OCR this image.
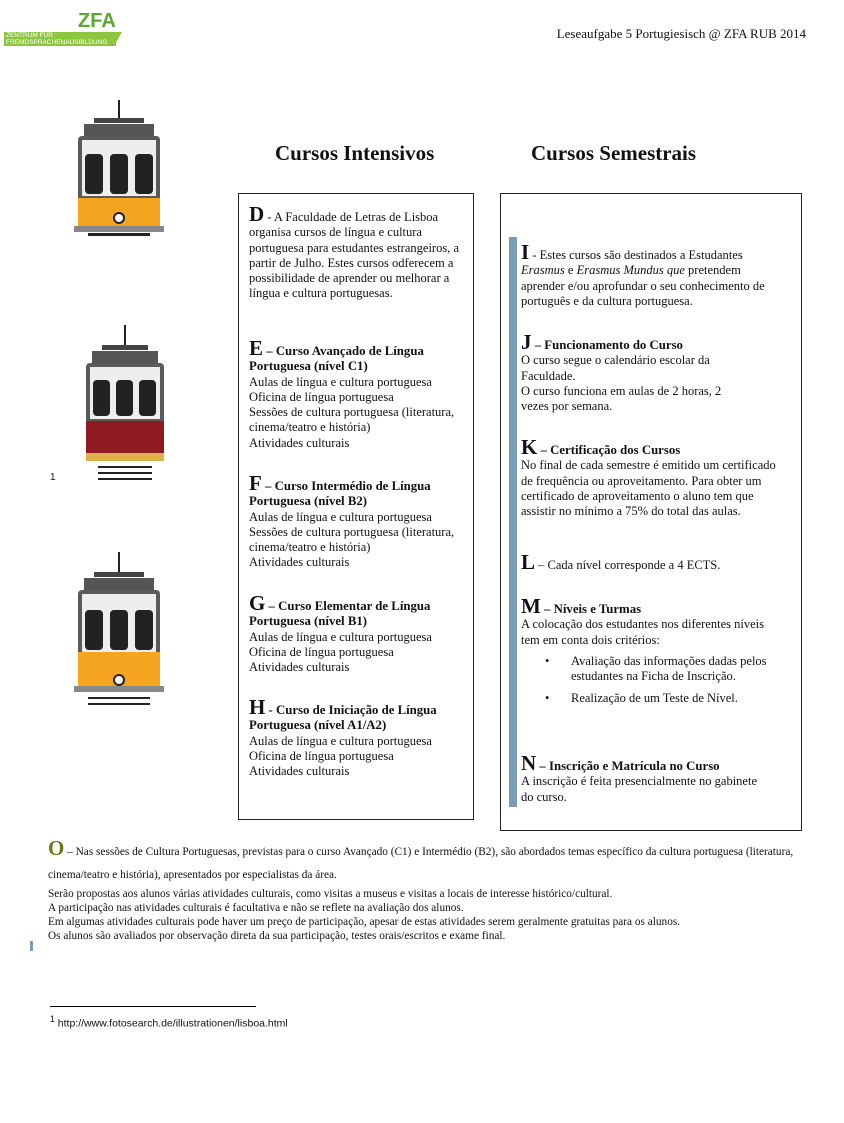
ZFA
ZENTRUM FÜR FREMDSPRACHENAUSBILDUNG
Leseaufgabe 5 Portugiesisch @ ZFA RUB 2014
1
Cursos Intensivos	Cursos Semestrais
D - A Faculdade de Letras de Lisboa organisa cursos de língua e cultura portuguesa para estudantes estrangeiros, a partir de Julho. Estes cursos odferecem a possibilidade de aprender ou melhorar a língua e cultura portuguesas.
E – Curso Avançado de Língua Portuguesa (nível C1)
Aulas de língua e cultura portuguesa
Oficina de língua portuguesa
Sessões de cultura portuguesa (literatura, cinema/teatro e história)
Atividades culturais
F – Curso Intermédio de Língua Portuguesa (nível B2)
Aulas de língua e cultura portuguesa
Sessões de cultura portuguesa (literatura, cinema/teatro e história)
Atividades culturais
G – Curso Elementar de Língua Portuguesa (nível B1)
Aulas de língua e cultura portuguesa
Oficina de língua portuguesa
Atividades culturais
H - Curso de Iniciação de Língua Portuguesa (nível A1/A2)
Aulas de língua e cultura portuguesa
Oficina de língua portuguesa
Atividades culturais
I - Estes cursos são destinados a Estudantes Erasmus e Erasmus Mundus que pretendem aprender e/ou aprofundar o seu conhecimento de português e da cultura portuguesa.
J – Funcionamento do Curso
O curso segue o calendário escolar da Faculdade.
O curso funciona em aulas de 2 horas, 2 vezes por semana.
K – Certificação dos Cursos
No final de cada semestre é emitido um certificado de frequência ou aproveitamento. Para obter um certificado de aproveitamento o aluno tem que assistir no mínimo a 75% do total das aulas.
L – Cada nível corresponde a 4 ECTS.
M – Níveis e Turmas
A colocação dos estudantes nos diferentes níveis tem em conta dois critérios:
• Avaliação das informações dadas pelos estudantes na Ficha de Inscrição.
• Realização de um Teste de Nível.
N – Inscrição e Matrícula no Curso
A inscrição é feita presencialmente no gabinete do curso.
O – Nas sessões de Cultura Portuguesas, previstas para o curso Avançado (C1) e Intermédio (B2), são abordados temas específico da cultura portuguesa (literatura, cinema/teatro e história), apresentados por especialistas da área.
Serão propostas aos alunos várias atividades culturais, como visitas a museus e visitas a locais de interesse histórico/cultural.
A participação nas atividades culturais é facultativa e não se reflete na avaliação dos alunos.
Em algumas atividades culturais pode haver um preço de participação, apesar de estas atividades serem geralmente gratuitas para os alunos.
Os alunos são avaliados por observação direta da sua participação, testes orais/escritos e exame final.
$^1$ http://www.fotosearch.de/illustrationen/lisboa.html
